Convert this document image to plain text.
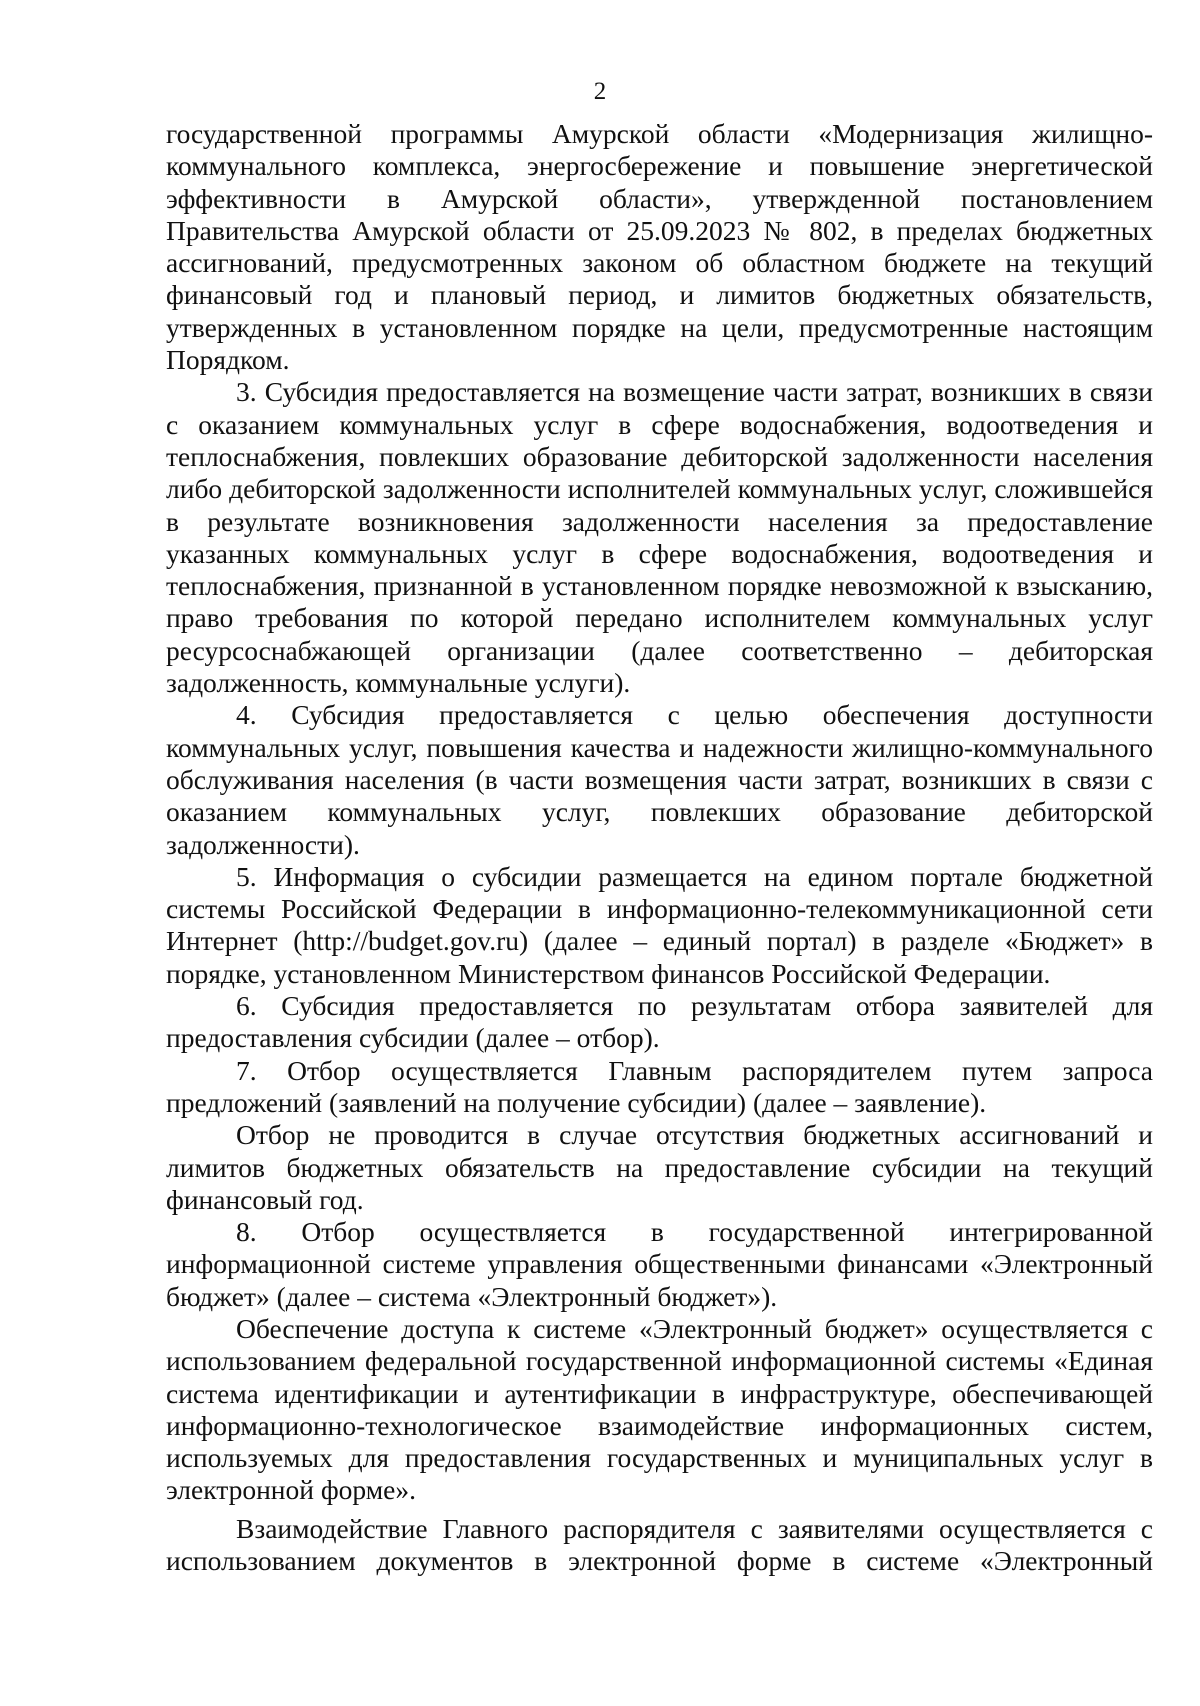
2

государственной программы Амурской области «Модернизация жилищно-коммунального комплекса, энергосбережение и повышение энергетической эффективности в Амурской области», утвержденной постановлением Правительства Амурской области от 25.09.2023 № 802, в пределах бюджетных ассигнований, предусмотренных законом об областном бюджете на текущий финансовый год и плановый период, и лимитов бюджетных обязательств, утвержденных в установленном порядке на цели, предусмотренные настоящим Порядком.

3. Субсидия предоставляется на возмещение части затрат, возникших в связи с оказанием коммунальных услуг в сфере водоснабжения, водоотведения и теплоснабжения, повлекших образование дебиторской задолженности населения либо дебиторской задолженности исполнителей коммунальных услуг, сложившейся в результате возникновения задолженности населения за предоставление указанных коммунальных услуг в сфере водоснабжения, водоотведения и теплоснабжения, признанной в установленном порядке невозможной к взысканию, право требования по которой передано исполнителем коммунальных услуг ресурсоснабжающей организации (далее соответственно – дебиторская задолженность, коммунальные услуги).

4. Субсидия предоставляется с целью обеспечения доступности коммунальных услуг, повышения качества и надежности жилищно-коммунального обслуживания населения (в части возмещения части затрат, возникших в связи с оказанием коммунальных услуг, повлекших образование дебиторской задолженности).

5. Информация о субсидии размещается на едином портале бюджетной системы Российской Федерации в информационно-телекоммуникационной сети Интернет (http://budget.gov.ru) (далее – единый портал) в разделе «Бюджет» в порядке, установленном Министерством финансов Российской Федерации.

6. Субсидия предоставляется по результатам отбора заявителей для предоставления субсидии (далее – отбор).

7. Отбор осуществляется Главным распорядителем путем запроса предложений (заявлений на получение субсидии) (далее – заявление).

Отбор не проводится в случае отсутствия бюджетных ассигнований и лимитов бюджетных обязательств на предоставление субсидии на текущий финансовый год.

8. Отбор осуществляется в государственной интегрированной информационной системе управления общественными финансами «Электронный бюджет» (далее – система «Электронный бюджет»).

Обеспечение доступа к системе «Электронный бюджет» осуществляется с использованием федеральной государственной информационной системы «Единая система идентификации и аутентификации в инфраструктуре, обеспечивающей информационно-технологическое взаимодействие информационных систем, используемых для предоставления государственных и муниципальных услуг в электронной форме».

Взаимодействие Главного распорядителя с заявителями осуществляется с использованием документов в электронной форме в системе «Электронный
